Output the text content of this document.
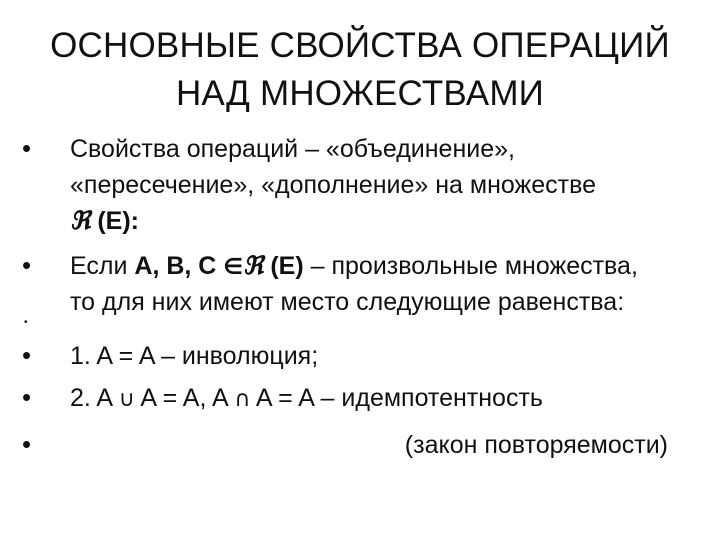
ОСНОВНЫЕ СВОЙСТВА ОПЕРАЦИЙ
НАД МНОЖЕСТВАМИ
• Свойства операций – «объединение»,
«пересечение», «дополнение» на множестве
ℜ (E):
• Если A, B, C ∈ℜ (E) – произвольные множества,
то для них имеют место следующие равенства:
•
• 1. A = A – инволюция;
• 2. A ∪ A = A, A ∩ A = A – идемпотентность
•	(закон повторяемости)
